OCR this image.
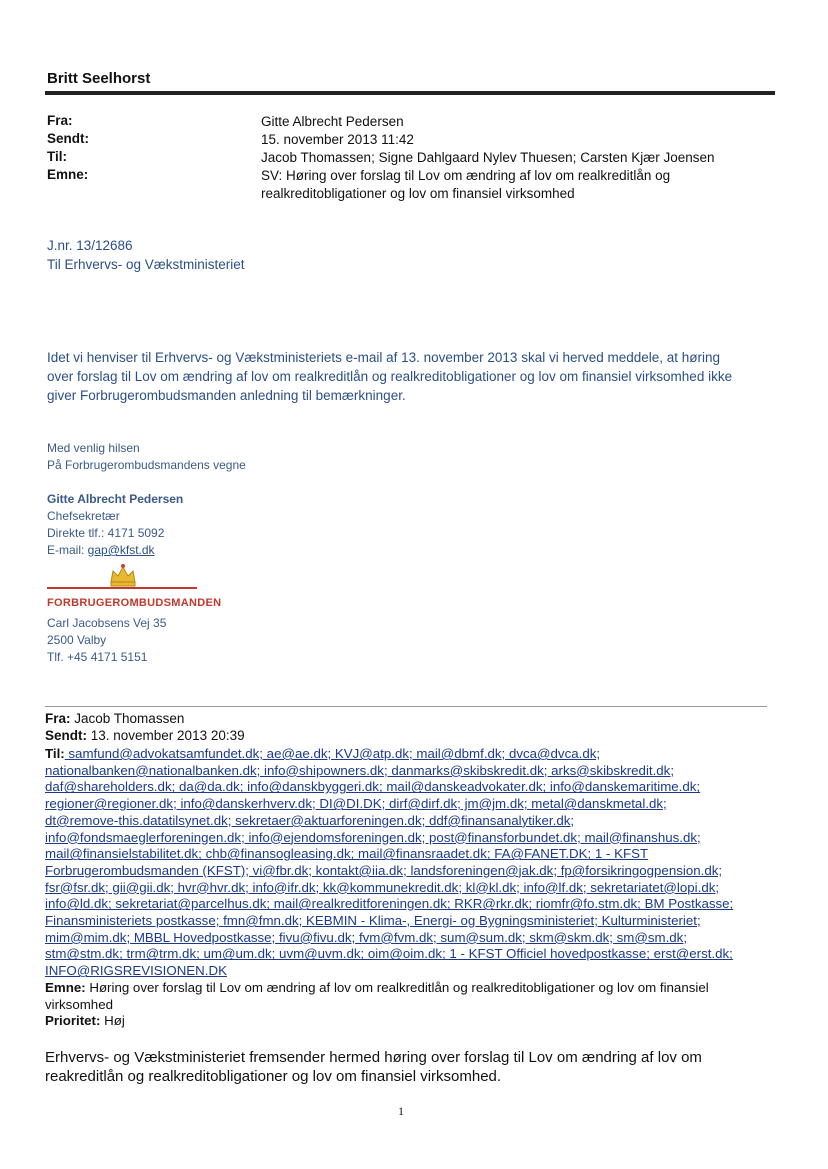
Britt Seelhorst
Fra:	Gitte Albrecht Pedersen
Sendt:	15. november 2013 11:42
Til:	Jacob Thomassen; Signe Dahlgaard Nylev Thuesen; Carsten Kjær Joensen
Emne:	SV: Høring over forslag til Lov om ændring af lov om realkreditlån og
realkreditobligationer og lov om finansiel virksomhed
J.nr. 13/12686
Til Erhvervs- og Vækstministeriet
Idet vi henviser til Erhvervs- og Vækstministeriets e-mail af 13. november 2013 skal vi herved meddele, at høring
over forslag til Lov om ændring af lov om realkreditlån og realkreditobligationer og lov om finansiel virksomhed ikke
giver Forbrugerombudsmanden anledning til bemærkninger.
Med venlig hilsen
På Forbrugerombudsmandens vegne
Gitte Albrecht Pedersen
Chefsekretær
Direkte tlf.: 4171 5092
E-mail: gap@kfst.dk
FORBRUGEROMBUDSMANDEN
Carl Jacobsens Vej 35
2500 Valby
Tlf. +45 4171 5151
Fra: Jacob Thomassen
Sendt: 13. november 2013 20:39
Til: samfund@advokatsamfundet.dk; ae@ae.dk; KVJ@atp.dk; mail@dbmf.dk; dvca@dvca.dk;
nationalbanken@nationalbanken.dk; info@shipowners.dk; danmarks@skibskredit.dk; arks@skibskredit.dk;
daf@shareholders.dk; da@da.dk; info@danskbyggeri.dk; mail@danskeadvokater.dk; info@danskemaritime.dk;
regioner@regioner.dk; info@danskerhverv.dk; DI@DI.DK; dirf@dirf.dk; jm@jm.dk; metal@danskmetal.dk;
dt@remove-this.datatilsynet.dk; sekretaer@aktuarforeningen.dk; ddf@finansanalytiker.dk;
info@fondsmaeglerforeningen.dk; info@ejendomsforeningen.dk; post@finansforbundet.dk; mail@finanshus.dk;
mail@finansielstabilitet.dk; chb@finansogleasing.dk; mail@finansraadet.dk; FA@FANET.DK; 1 - KFST
Forbrugerombudsmanden (KFST); vi@fbr.dk; kontakt@iia.dk; landsforeningen@jak.dk; fp@forsikringogpension.dk;
fsr@fsr.dk; gii@gii.dk; hvr@hvr.dk; info@ifr.dk; kk@kommunekredit.dk; kl@kl.dk; info@lf.dk; sekretariatet@lopi.dk;
info@ld.dk; sekretariat@parcelhus.dk; mail@realkreditforeningen.dk; RKR@rkr.dk; riomfr@fo.stm.dk; BM Postkasse;
Finansministeriets postkasse; fmn@fmn.dk; KEBMIN - Klima-, Energi- og Bygningsministeriet; Kulturministeriet;
mim@mim.dk; MBBL Hovedpostkasse; fivu@fivu.dk; fvm@fvm.dk; sum@sum.dk; skm@skm.dk; sm@sm.dk;
stm@stm.dk; trm@trm.dk; um@um.dk; uvm@uvm.dk; oim@oim.dk; 1 - KFST Officiel hovedpostkasse; erst@erst.dk;
INFO@RIGSREVISIONEN.DK
Emne: Høring over forslag til Lov om ændring af lov om realkreditlån og realkreditobligationer og lov om finansiel
virksomhed
Prioritet: Høj
Erhvervs- og Vækstministeriet fremsender hermed høring over forslag til Lov om ændring af lov om
reakreditlån og realkreditobligationer og lov om finansiel virksomhed.
1
